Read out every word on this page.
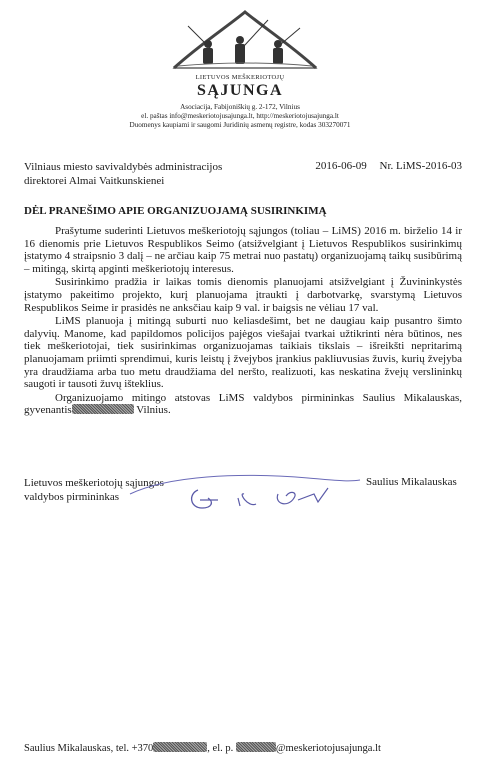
LIETUVOS MEŠKERIOTOJŲ
SĄJUNGA
Asociacija, Fabijoniškių g. 2-172, Vilnius
el. paštas info@meskeriotojusajunga.lt, http://meskeriotojusajunga.lt
Duomenys kaupiami ir saugomi Juridinių asmenų registre, kodas 303270071
Vilniaus miesto savivaldybės administracijos
direktorei Almai Vaitkunskienei
2016-06-09 Nr. LiMS-2016-03
DĖL PRANEŠIMO APIE ORGANIZUOJAMĄ SUSIRINKIMĄ

Prašytume suderinti Lietuvos meškeriotojų sąjungos (toliau – LiMS) 2016 m. birželio 14 ir 16 dienomis prie Lietuvos Respublikos Seimo (atsižvelgiant į Lietuvos Respublikos susirinkimų įstatymo 4 straipsnio 3 dalį – ne arčiau kaip 75 metrai nuo pastatų) organizuojamą taikų susibūrimą – mitingą, skirtą apginti meškeriotojų interesus.

Susirinkimo pradžia ir laikas tomis dienomis planuojami atsižvelgiant į Žuvininkystės įstatymo pakeitimo projekto, kurį planuojama įtraukti į darbotvarkę, svarstymą Lietuvos Respublikos Seime ir prasidės ne anksčiau kaip 9 val. ir baigsis ne vėliau 17 val.

LiMS planuoja į mitingą suburti nuo keliasdešimt, bet ne daugiau kaip pusantro šimto dalyvių. Manome, kad papildomos policijos pajėgos viešajai tvarkai užtikrinti nėra būtinos, nes tiek meškeriotojai, tiek susirinkimas organizuojamas taikiais tikslais – išreikšti nepritarimą planuojamam priimti sprendimui, kuris leistų į žvejybos įrankius pakliuvusias žuvis, kurių žvejyba yra draudžiama arba tuo metu draudžiama del neršto, realizuoti, kas neskatina žvejų verslininkų saugoti ir tausoti žuvų išteklius.

Organizuojamo mitingo atstovas LiMS valdybos pirmininkas Saulius Mikalauskas, gyvenantis	Vilnius.

Lietuvos meškeriotojų sąjungos
valdybos pirmininkas
Saulius Mikalauskas
Saulius Mikalauskas, tel. +370	, el. p.	@meskeriotojusajunga.lt
